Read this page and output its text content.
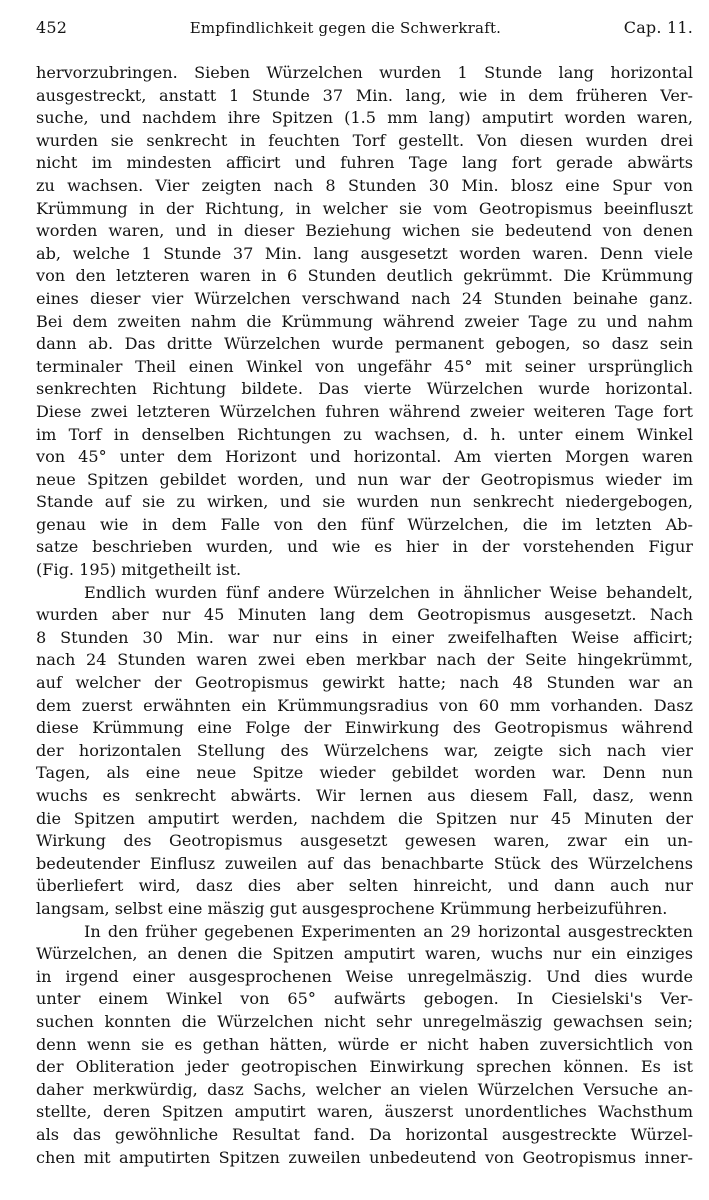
452	Empfindlichkeit gegen die Schwerkraft.	Cap. 11.
hervorzubringen. Sieben Würzelchen wurden 1 Stunde lang horizontal
ausgestreckt, anstatt 1 Stunde 37 Min. lang, wie in dem früheren Ver-
suche, und nachdem ihre Spitzen (1.5 mm lang) amputirt worden waren,
wurden sie senkrecht in feuchten Torf gestellt. Von diesen wurden drei
nicht im mindesten afficirt und fuhren Tage lang fort gerade abwärts
zu wachsen. Vier zeigten nach 8 Stunden 30 Min. blosz eine Spur von
Krümmung in der Richtung, in welcher sie vom Geotropismus beeinfluszt
worden waren, und in dieser Beziehung wichen sie bedeutend von denen
ab, welche 1 Stunde 37 Min. lang ausgesetzt worden waren. Denn viele
von den letzteren waren in 6 Stunden deutlich gekrümmt. Die Krümmung
eines dieser vier Würzelchen verschwand nach 24 Stunden beinahe ganz.
Bei dem zweiten nahm die Krümmung während zweier Tage zu und nahm
dann ab. Das dritte Würzelchen wurde permanent gebogen, so dasz sein
terminaler Theil einen Winkel von ungefähr 45° mit seiner ursprünglich
senkrechten Richtung bildete. Das vierte Würzelchen wurde horizontal.
Diese zwei letzteren Würzelchen fuhren während zweier weiteren Tage fort
im Torf in denselben Richtungen zu wachsen, d. h. unter einem Winkel
von 45° unter dem Horizont und horizontal. Am vierten Morgen waren
neue Spitzen gebildet worden, und nun war der Geotropismus wieder im
Stande auf sie zu wirken, und sie wurden nun senkrecht niedergebogen,
genau wie in dem Falle von den fünf Würzelchen, die im letzten Ab-
satze beschrieben wurden, und wie es hier in der vorstehenden Figur
(Fig. 195) mitgetheilt ist.
Endlich wurden fünf andere Würzelchen in ähnlicher Weise behandelt,
wurden aber nur 45 Minuten lang dem Geotropismus ausgesetzt. Nach
8 Stunden 30 Min. war nur eins in einer zweifelhaften Weise afficirt;
nach 24 Stunden waren zwei eben merkbar nach der Seite hingekrümmt,
auf welcher der Geotropismus gewirkt hatte; nach 48 Stunden war an
dem zuerst erwähnten ein Krümmungsradius von 60 mm vorhanden. Dasz
diese Krümmung eine Folge der Einwirkung des Geotropismus während
der horizontalen Stellung des Würzelchens war, zeigte sich nach vier
Tagen, als eine neue Spitze wieder gebildet worden war. Denn nun
wuchs es senkrecht abwärts. Wir lernen aus diesem Fall, dasz, wenn
die Spitzen amputirt werden, nachdem die Spitzen nur 45 Minuten der
Wirkung des Geotropismus ausgesetzt gewesen waren, zwar ein un-
bedeutender Einflusz zuweilen auf das benachbarte Stück des Würzelchens
überliefert wird, dasz dies aber selten hinreicht, und dann auch nur
langsam, selbst eine mäszig gut ausgesprochene Krümmung herbeizuführen.
In den früher gegebenen Experimenten an 29 horizontal ausgestreckten
Würzelchen, an denen die Spitzen amputirt waren, wuchs nur ein einziges
in irgend einer ausgesprochenen Weise unregelmäszig. Und dies wurde
unter einem Winkel von 65° aufwärts gebogen. In Ciesielski's Ver-
suchen konnten die Würzelchen nicht sehr unregelmäszig gewachsen sein;
denn wenn sie es gethan hätten, würde er nicht haben zuversichtlich von
der Obliteration jeder geotropischen Einwirkung sprechen können. Es ist
daher merkwürdig, dasz Sachs, welcher an vielen Würzelchen Versuche an-
stellte, deren Spitzen amputirt waren, äuszerst unordentliches Wachsthum
als das gewöhnliche Resultat fand. Da horizontal ausgestreckte Würzel-
chen mit amputirten Spitzen zuweilen unbedeutend von Geotropismus inner-
